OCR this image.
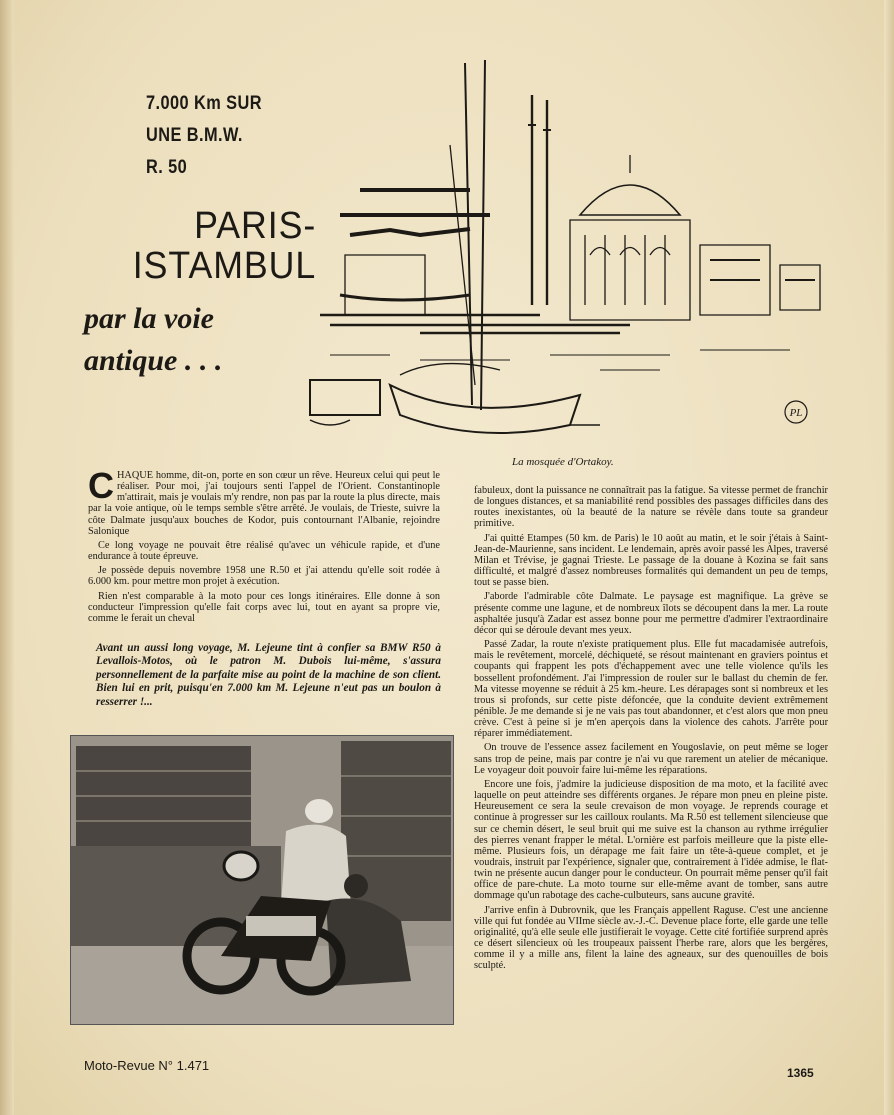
7.000 Km SUR
UNE B.M.W.
R. 50
PARIS-
ISTAMBUL
par la voie
antique . . .
PL
La mosquée d'Ortakoy.

CHAQUE homme, dit-on, porte en son cœur un rêve. Heureux celui qui peut le réaliser. Pour moi, j'ai toujours senti l'appel de l'Orient. Constantinople m'attirait, mais je voulais m'y rendre, non pas par la route la plus directe, mais par la voie antique, où le temps semble s'être arrêté. Je voulais, de Trieste, suivre la côte Dalmate jusqu'aux bouches de Kodor, puis contournant l'Albanie, rejoindre Salonique

Ce long voyage ne pouvait être réalisé qu'avec un véhicule rapide, et d'une endurance à toute épreuve.

Je possède depuis novembre 1958 une R.50 et j'ai attendu qu'elle soit rodée à 6.000 km. pour mettre mon projet à exécution.

Rien n'est comparable à la moto pour ces longs itinéraires. Elle donne à son conducteur l'impression qu'elle fait corps avec lui, tout en ayant sa propre vie, comme le ferait un cheval

Avant un aussi long voyage, M. Lejeune tint à confier sa BMW R50 à Levallois-Motos, où le patron M. Dubois lui-même, s'assura personnellement de la parfaite mise au point de la machine de son client. Bien lui en prit, puisqu'en 7.000 km M. Lejeune n'eut pas un boulon à resserrer !...

fabuleux, dont la puissance ne connaîtrait pas la fatigue. Sa vitesse permet de franchir de longues distances, et sa maniabilité rend possibles des passages difficiles dans des routes inexistantes, où la beauté de la nature se révèle dans toute sa grandeur primitive.

J'ai quitté Etampes (50 km. de Paris) le 10 août au matin, et le soir j'étais à Saint-Jean-de-Maurienne, sans incident. Le lendemain, après avoir passé les Alpes, traversé Milan et Trévise, je gagnai Trieste. Le passage de la douane à Kozina se fait sans difficulté, et malgré d'assez nombreuses formalités qui demandent un peu de temps, tout se passe bien.

J'aborde l'admirable côte Dalmate. Le paysage est magnifique. La grève se présente comme une lagune, et de nombreux îlots se découpent dans la mer. La route asphaltée jusqu'à Zadar est assez bonne pour me permettre d'admirer l'extraordinaire décor qui se déroule devant mes yeux.

Passé Zadar, la route n'existe pratiquement plus. Elle fut macadamisée autrefois, mais le revêtement, morcelé, déchiqueté, se résout maintenant en graviers pointus et coupants qui frappent les pots d'échappement avec une telle violence qu'ils les bossellent profondément. J'ai l'impression de rouler sur le ballast du chemin de fer. Ma vitesse moyenne se réduit à 25 km.-heure. Les dérapages sont si nombreux et les trous si profonds, sur cette piste défoncée, que la conduite devient extrêmement pénible. Je me demande si je ne vais pas tout abandonner, et c'est alors que mon pneu crève. C'est à peine si je m'en aperçois dans la violence des cahots. J'arrête pour réparer immédiatement.

On trouve de l'essence assez facilement en Yougoslavie, on peut même se loger sans trop de peine, mais par contre je n'ai vu que rarement un atelier de mécanique. Le voyageur doit pouvoir faire lui-même les réparations.

Encore une fois, j'admire la judicieuse disposition de ma moto, et la facilité avec laquelle on peut atteindre ses différents organes. Je répare mon pneu en pleine piste. Heureusement ce sera la seule crevaison de mon voyage. Je reprends courage et continue à progresser sur les cailloux roulants. Ma R.50 est tellement silencieuse que sur ce chemin désert, le seul bruit qui me suive est la chanson au rythme irrégulier des pierres venant frapper le métal. L'ornière est parfois meilleure que la piste elle-même. Plusieurs fois, un dérapage me fait faire un tête-à-queue complet, et je voudrais, instruit par l'expérience, signaler que, contrairement à l'idée admise, le flat-twin ne présente aucun danger pour le conducteur. On pourrait même penser qu'il fait office de pare-chute. La moto tourne sur elle-même avant de tomber, sans autre dommage qu'un rabotage des cache-culbuteurs, sans aucune gravité.

J'arrive enfin à Dubrovnik, que les Français appellent Raguse. C'est une ancienne ville qui fut fondée au VIIme siècle av.-J.-C. Devenue place forte, elle garde une telle originalité, qu'à elle seule elle justifierait le voyage. Cette cité fortifiée surprend après ce désert silencieux où les troupeaux paissent l'herbe rare, alors que les bergères, comme il y a mille ans, filent la laine des agneaux, sur des quenouilles de bois sculpté.

Moto-Revue N° 1.471	1365
